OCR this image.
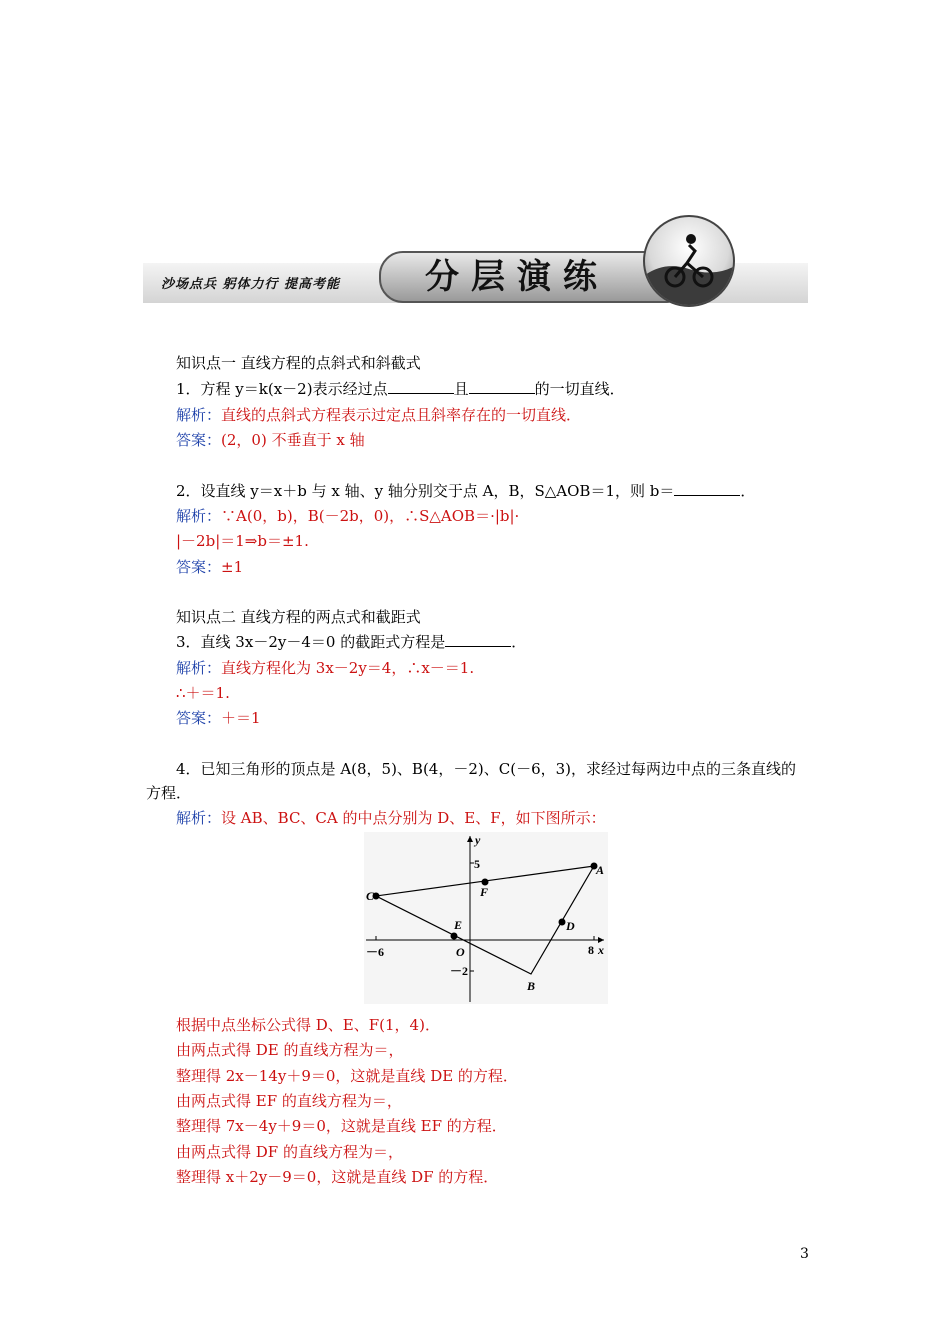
沙场点兵 躬体力行 提高考能 分层演练
知识点一 直线方程的点斜式和斜截式
1．方程 y＝k(x－2)表示经过点	且	的一切直线．
解析：直线的点斜式方程表示过定点且斜率存在的一切直线．
答案：(2，0) 不垂直于 x 轴
2．设直线 y＝x＋b 与 x 轴、y 轴分别交于点 A，B，S△AOB＝1，则 b＝	．
解析：∵A(0，b)，B(－2b，0)，∴S△AOB＝·|b|·
|－2b|＝1⇒b＝±1.
答案：±1
知识点二 直线方程的两点式和截距式
3．直线 3x－2y－4＝0 的截距式方程是	．
解析：直线方程化为 3x－2y＝4，∴x－＝1.
∴＋＝1.
答案：＋＝1
4．已知三角形的顶点是 A(8，5)、B(4，－2)、C(－6，3)，求经过每两边中点的三条直线的方程．
解析：设 AB、BC、CA 的中点分别为 D、E、F，如下图所示：
A
B
C
D
E
F
O	x
y
－6	8
5
－2
根据中点坐标公式得 D、E、F(1，4)．
由两点式得 DE 的直线方程为＝，
整理得 2x－14y＋9＝0，这就是直线 DE 的方程．
由两点式得 EF 的直线方程为＝，
整理得 7x－4y＋9＝0，这就是直线 EF 的方程．
由两点式得 DF 的直线方程为＝，
整理得 x＋2y－9＝0，这就是直线 DF 的方程．
3
